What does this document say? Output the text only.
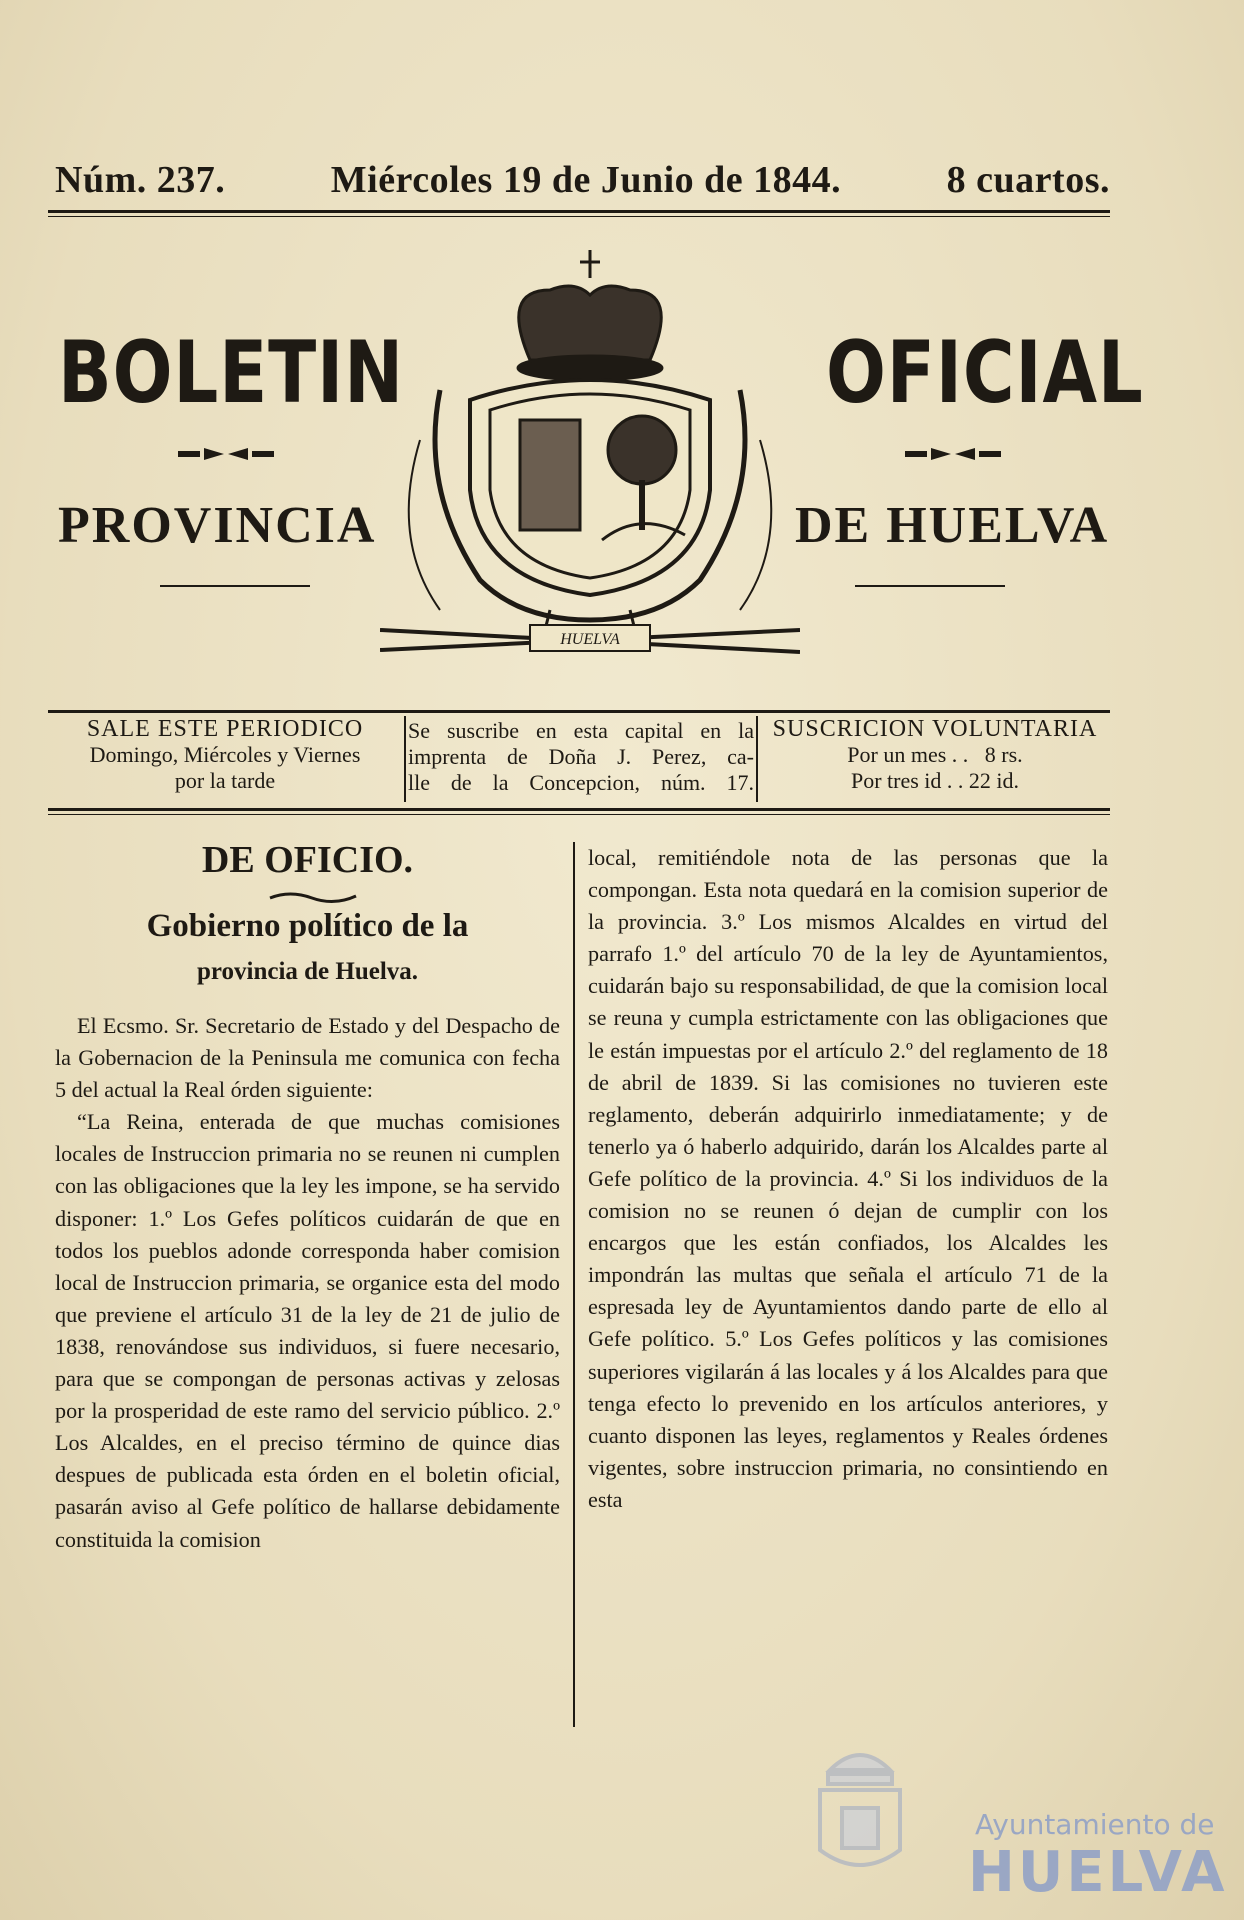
Núm. 237.	Miércoles 19 de Junio de 1844.	8 cuartos.
BOLETIN	OFICIAL
PROVINCIA	DE HUELVA
HUELVA
SALE ESTE PERIODICO
Domingo, Miércoles y Viernes
por la tarde
Se suscribe en esta capital en la
imprenta de Doña J. Perez, ca-
lle de la Concepcion, núm. 17.
SUSCRICION VOLUNTARIA
Por un mes . .   8 rs.
Por tres id . . 22 id.
DE OFICIO.
Gobierno político de la
provincia de Huelva.

El Ecsmo. Sr. Secretario de Estado y del Despacho de la Gobernacion de la Peninsula me comunica con fecha 5 del actual la Real órden siguiente:

“La Reina, enterada de que muchas comisiones locales de Instruccion primaria no se reunen ni cumplen con las obligaciones que la ley les impone, se ha servido disponer: 1.º Los Gefes políticos cuidarán de que en todos los pueblos adonde corresponda haber comision local de Instruccion primaria, se organice esta del modo que previene el artículo 31 de la ley de 21 de julio de 1838, renovándose sus individuos, si fuere necesario, para que se compongan de personas activas y zelosas por la prosperidad de este ramo del servicio público. 2.º Los Alcaldes, en el preciso término de quince dias despues de publicada esta órden en el boletin oficial, pasarán aviso al Gefe político de hallarse debidamente constituida la comision

local, remitiéndole nota de las personas que la compongan. Esta nota quedará en la comision superior de la provincia. 3.º Los mismos Alcaldes en virtud del parrafo 1.º del artículo 70 de la ley de Ayuntamientos, cuidarán bajo su responsabilidad, de que la comision local se reuna y cumpla estrictamente con las obligaciones que le están impuestas por el artículo 2.º del reglamento de 18 de abril de 1839. Si las comisiones no tuvieren este reglamento, deberán adquirirlo inmediatamente; y de tenerlo ya ó haberlo adquirido, darán los Alcaldes parte al Gefe político de la provincia. 4.º Si los individuos de la comision no se reunen ó dejan de cumplir con los encargos que les están confiados, los Alcaldes les impondrán las multas que señala el artículo 71 de la espresada ley de Ayuntamientos dando parte de ello al Gefe político. 5.º Los Gefes políticos y las comisiones superiores vigilarán á las locales y á los Alcaldes para que tenga efecto lo prevenido en los artículos anteriores, y cuanto disponen las leyes, reglamentos y Reales órdenes vigentes, sobre instruccion primaria, no consintiendo en esta

Ayuntamiento de
HUELVA
